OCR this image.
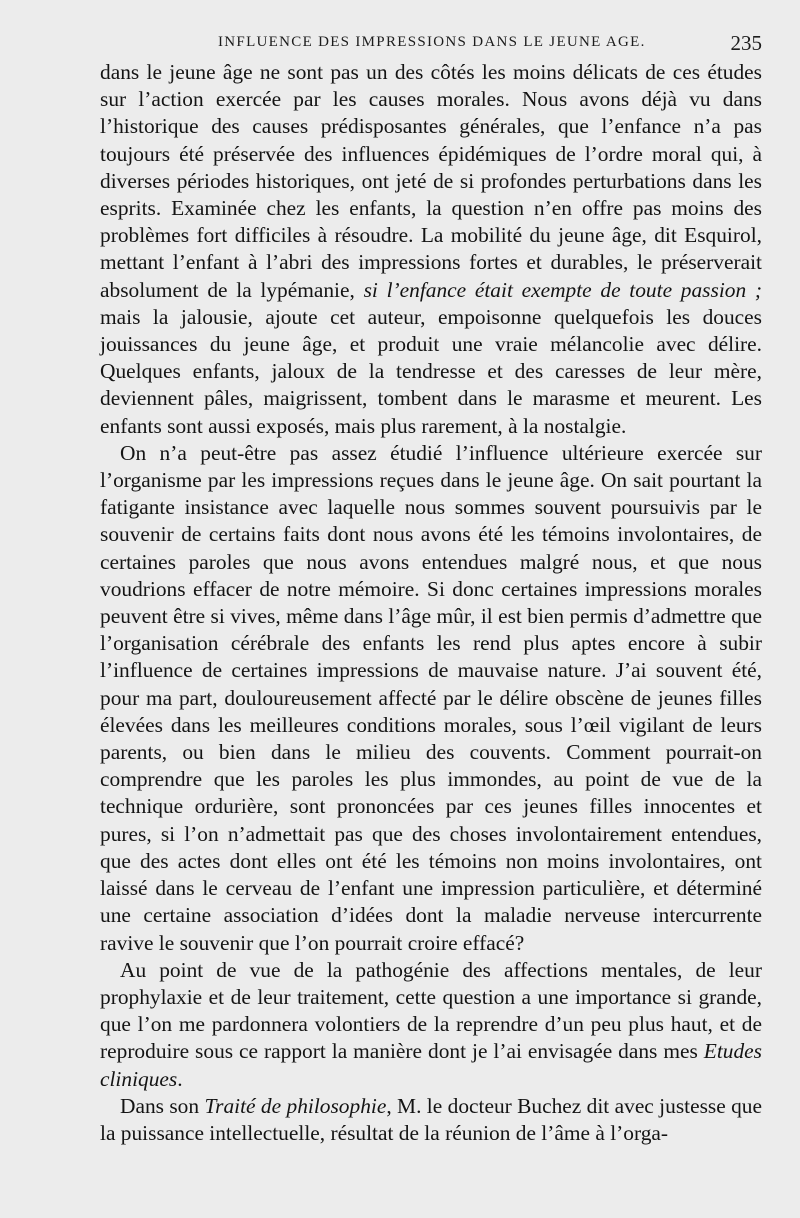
INFLUENCE DES IMPRESSIONS DANS LE JEUNE AGE.	235

dans le jeune âge ne sont pas un des côtés les moins délicats de ces études sur l’action exercée par les causes morales. Nous avons déjà vu dans l’historique des causes prédisposantes générales, que l’enfance n’a pas toujours été préservée des influences épidémiques de l’ordre moral qui, à diverses périodes historiques, ont jeté de si profondes perturbations dans les esprits. Examinée chez les enfants, la question n’en offre pas moins des problèmes fort difficiles à résoudre. La mobilité du jeune âge, dit Esquirol, mettant l’enfant à l’abri des impressions fortes et durables, le préserverait absolument de la lypémanie, si l’enfance était exempte de toute passion ; mais la jalousie, ajoute cet auteur, empoisonne quelquefois les douces jouissances du jeune âge, et produit une vraie mélancolie avec délire. Quelques enfants, jaloux de la tendresse et des caresses de leur mère, deviennent pâles, maigrissent, tombent dans le marasme et meurent. Les enfants sont aussi exposés, mais plus rarement, à la nostalgie.

On n’a peut-être pas assez étudié l’influence ultérieure exercée sur l’organisme par les impressions reçues dans le jeune âge. On sait pourtant la fatigante insistance avec laquelle nous sommes souvent poursuivis par le souvenir de certains faits dont nous avons été les témoins involontaires, de certaines paroles que nous avons entendues malgré nous, et que nous voudrions effacer de notre mémoire. Si donc certaines impressions morales peuvent être si vives, même dans l’âge mûr, il est bien permis d’admettre que l’organisation cérébrale des enfants les rend plus aptes encore à subir l’influence de certaines impressions de mauvaise nature. J’ai souvent été, pour ma part, douloureusement affecté par le délire obscène de jeunes filles élevées dans les meilleures conditions morales, sous l’œil vigilant de leurs parents, ou bien dans le milieu des couvents. Comment pourrait-on comprendre que les paroles les plus immondes, au point de vue de la technique ordurière, sont prononcées par ces jeunes filles innocentes et pures, si l’on n’admettait pas que des choses involontairement entendues, que des actes dont elles ont été les témoins non moins involontaires, ont laissé dans le cerveau de l’enfant une impression particulière, et déterminé une certaine association d’idées dont la maladie nerveuse intercurrente ravive le souvenir que l’on pourrait croire effacé?

Au point de vue de la pathogénie des affections mentales, de leur prophylaxie et de leur traitement, cette question a une importance si grande, que l’on me pardonnera volontiers de la reprendre d’un peu plus haut, et de reproduire sous ce rapport la manière dont je l’ai envisagée dans mes Etudes cliniques.

Dans son Traité de philosophie, M. le docteur Buchez dit avec justesse que la puissance intellectuelle, résultat de la réunion de l’âme à l’orga-
